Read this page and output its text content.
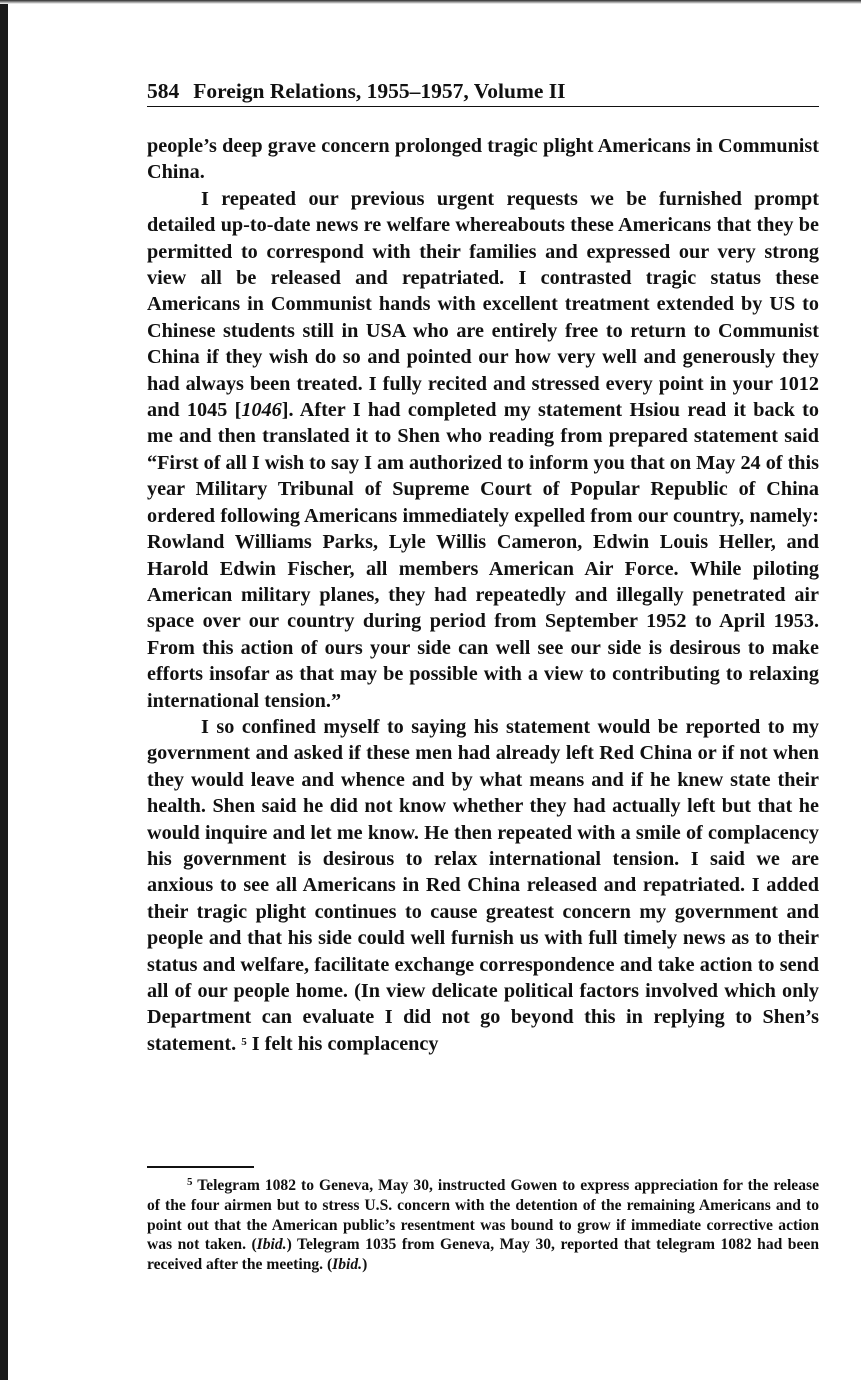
584 Foreign Relations, 1955–1957, Volume II

people’s deep grave concern prolonged tragic plight Americans in Communist China.

I repeated our previous urgent requests we be furnished prompt detailed up-to-date news re welfare whereabouts these Americans that they be permitted to correspond with their families and expressed our very strong view all be released and repatriated. I contrasted tragic status these Americans in Communist hands with excellent treatment extended by US to Chinese students still in USA who are entirely free to return to Communist China if they wish do so and pointed our how very well and generously they had always been treated. I fully recited and stressed every point in your 1012 and 1045 [1046]. After I had completed my statement Hsiou read it back to me and then translated it to Shen who reading from prepared statement said “First of all I wish to say I am authorized to inform you that on May 24 of this year Military Tribunal of Supreme Court of Popular Republic of China ordered following Americans immediately expelled from our country, namely: Rowland Williams Parks, Lyle Willis Cameron, Edwin Louis Heller, and Harold Edwin Fischer, all members American Air Force. While piloting American military planes, they had repeatedly and illegally penetrated air space over our country during period from September 1952 to April 1953. From this action of ours your side can well see our side is desirous to make efforts insofar as that may be possible with a view to contributing to relaxing international tension.”

I so confined myself to saying his statement would be reported to my government and asked if these men had already left Red China or if not when they would leave and whence and by what means and if he knew state their health. Shen said he did not know whether they had actually left but that he would inquire and let me know. He then repeated with a smile of complacency his government is desirous to relax international tension. I said we are anxious to see all Americans in Red China released and repatriated. I added their tragic plight continues to cause greatest concern my government and people and that his side could well furnish us with full timely news as to their status and welfare, facilitate exchange correspondence and take action to send all of our people home. (In view delicate political factors involved which only Department can evaluate I did not go beyond this in replying to Shen’s statement. $^5$ I felt his complacency

$^5$ Telegram 1082 to Geneva, May 30, instructed Gowen to express appreciation for the release of the four airmen but to stress U.S. concern with the detention of the remaining Americans and to point out that the American public’s resentment was bound to grow if immediate corrective action was not taken. (Ibid.) Telegram 1035 from Geneva, May 30, reported that telegram 1082 had been received after the meeting. (Ibid.)
